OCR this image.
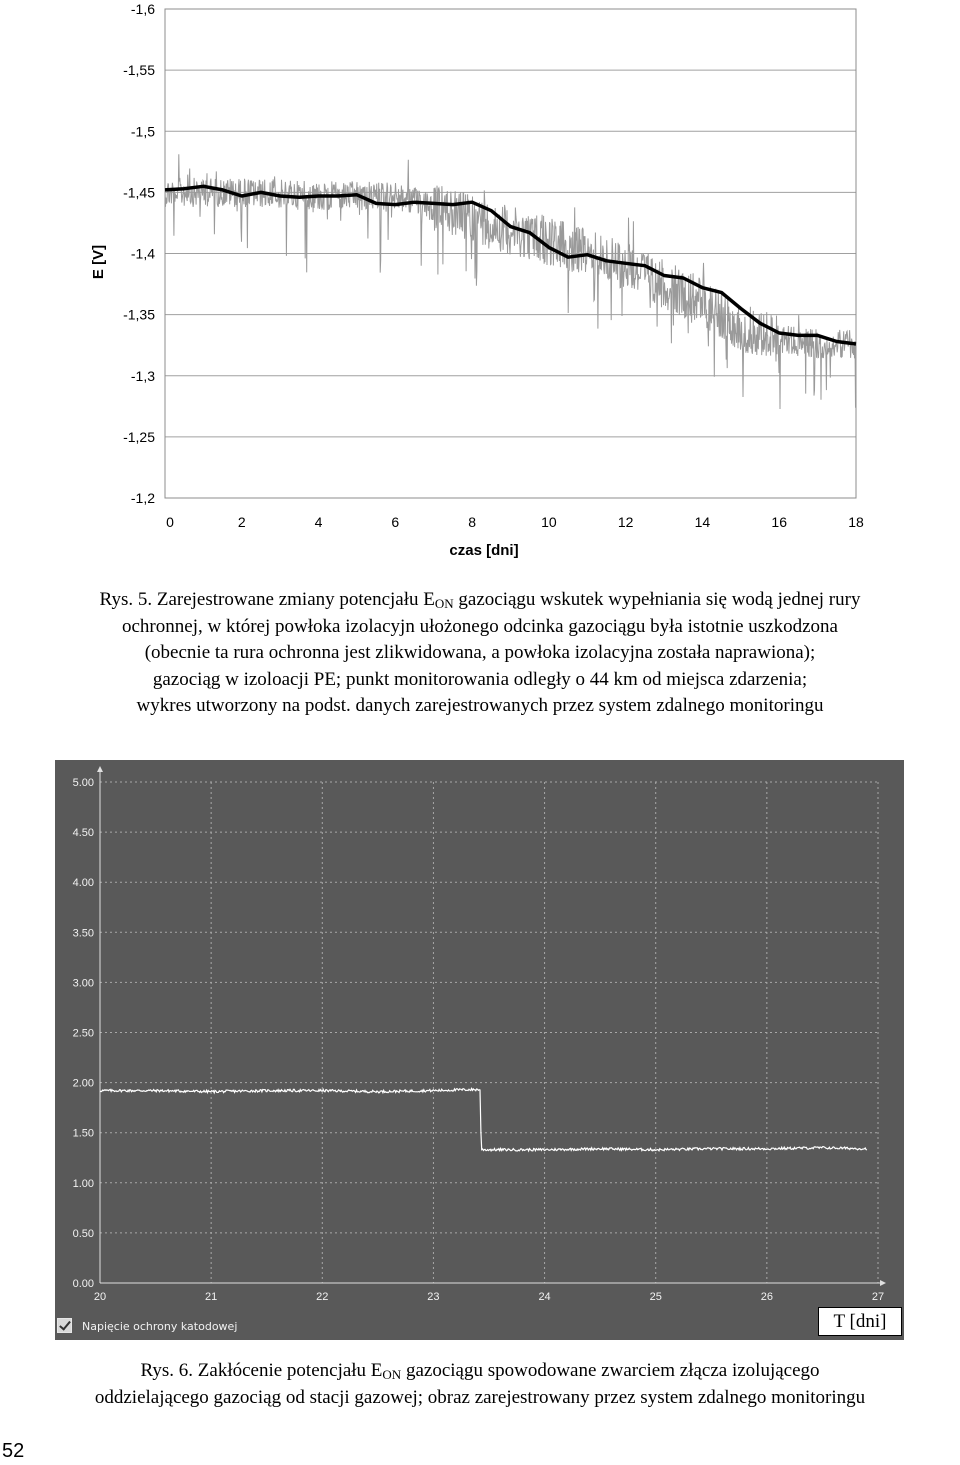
-1,6
-1,55
-1,5
-1,45
-1,4
-1,35
-1,3
-1,25
-1,2
0	2	4	6	8	10	12	14	16	18
E [V]
czas [dni]
Rys. 5. Zarejestrowane zmiany potencjału $E_{ON}$ gazociągu wskutek wypełniania się wodą jednej rury
ochronnej, w której powłoka izolacyjn ułożonego odcinka gazociągu była istotnie uszkodzona
(obecnie ta rura ochronna jest zlikwidowana, a powłoka izolacyjna została naprawiona);
gazociąg w izoloacji PE; punkt monitorowania odległy o 44 km od miejsca zdarzenia;
wykres utworzony na podst. danych zarejestrowanych przez system zdalnego monitoringu
0.00
0.50
1.00
1.50
2.00
2.50
3.00
3.50
4.00
4.50
5.00
20	21	22	23	24	25	26	27
Napięcie ochrony katodowej	T [dni]
Rys. 6. Zakłócenie potencjału $E_{ON}$ gazociągu spowodowane zwarciem złącza izolującego
oddzielającego gazociąg od stacji gazowej; obraz zarejestrowany przez system zdalnego monitoringu
52
